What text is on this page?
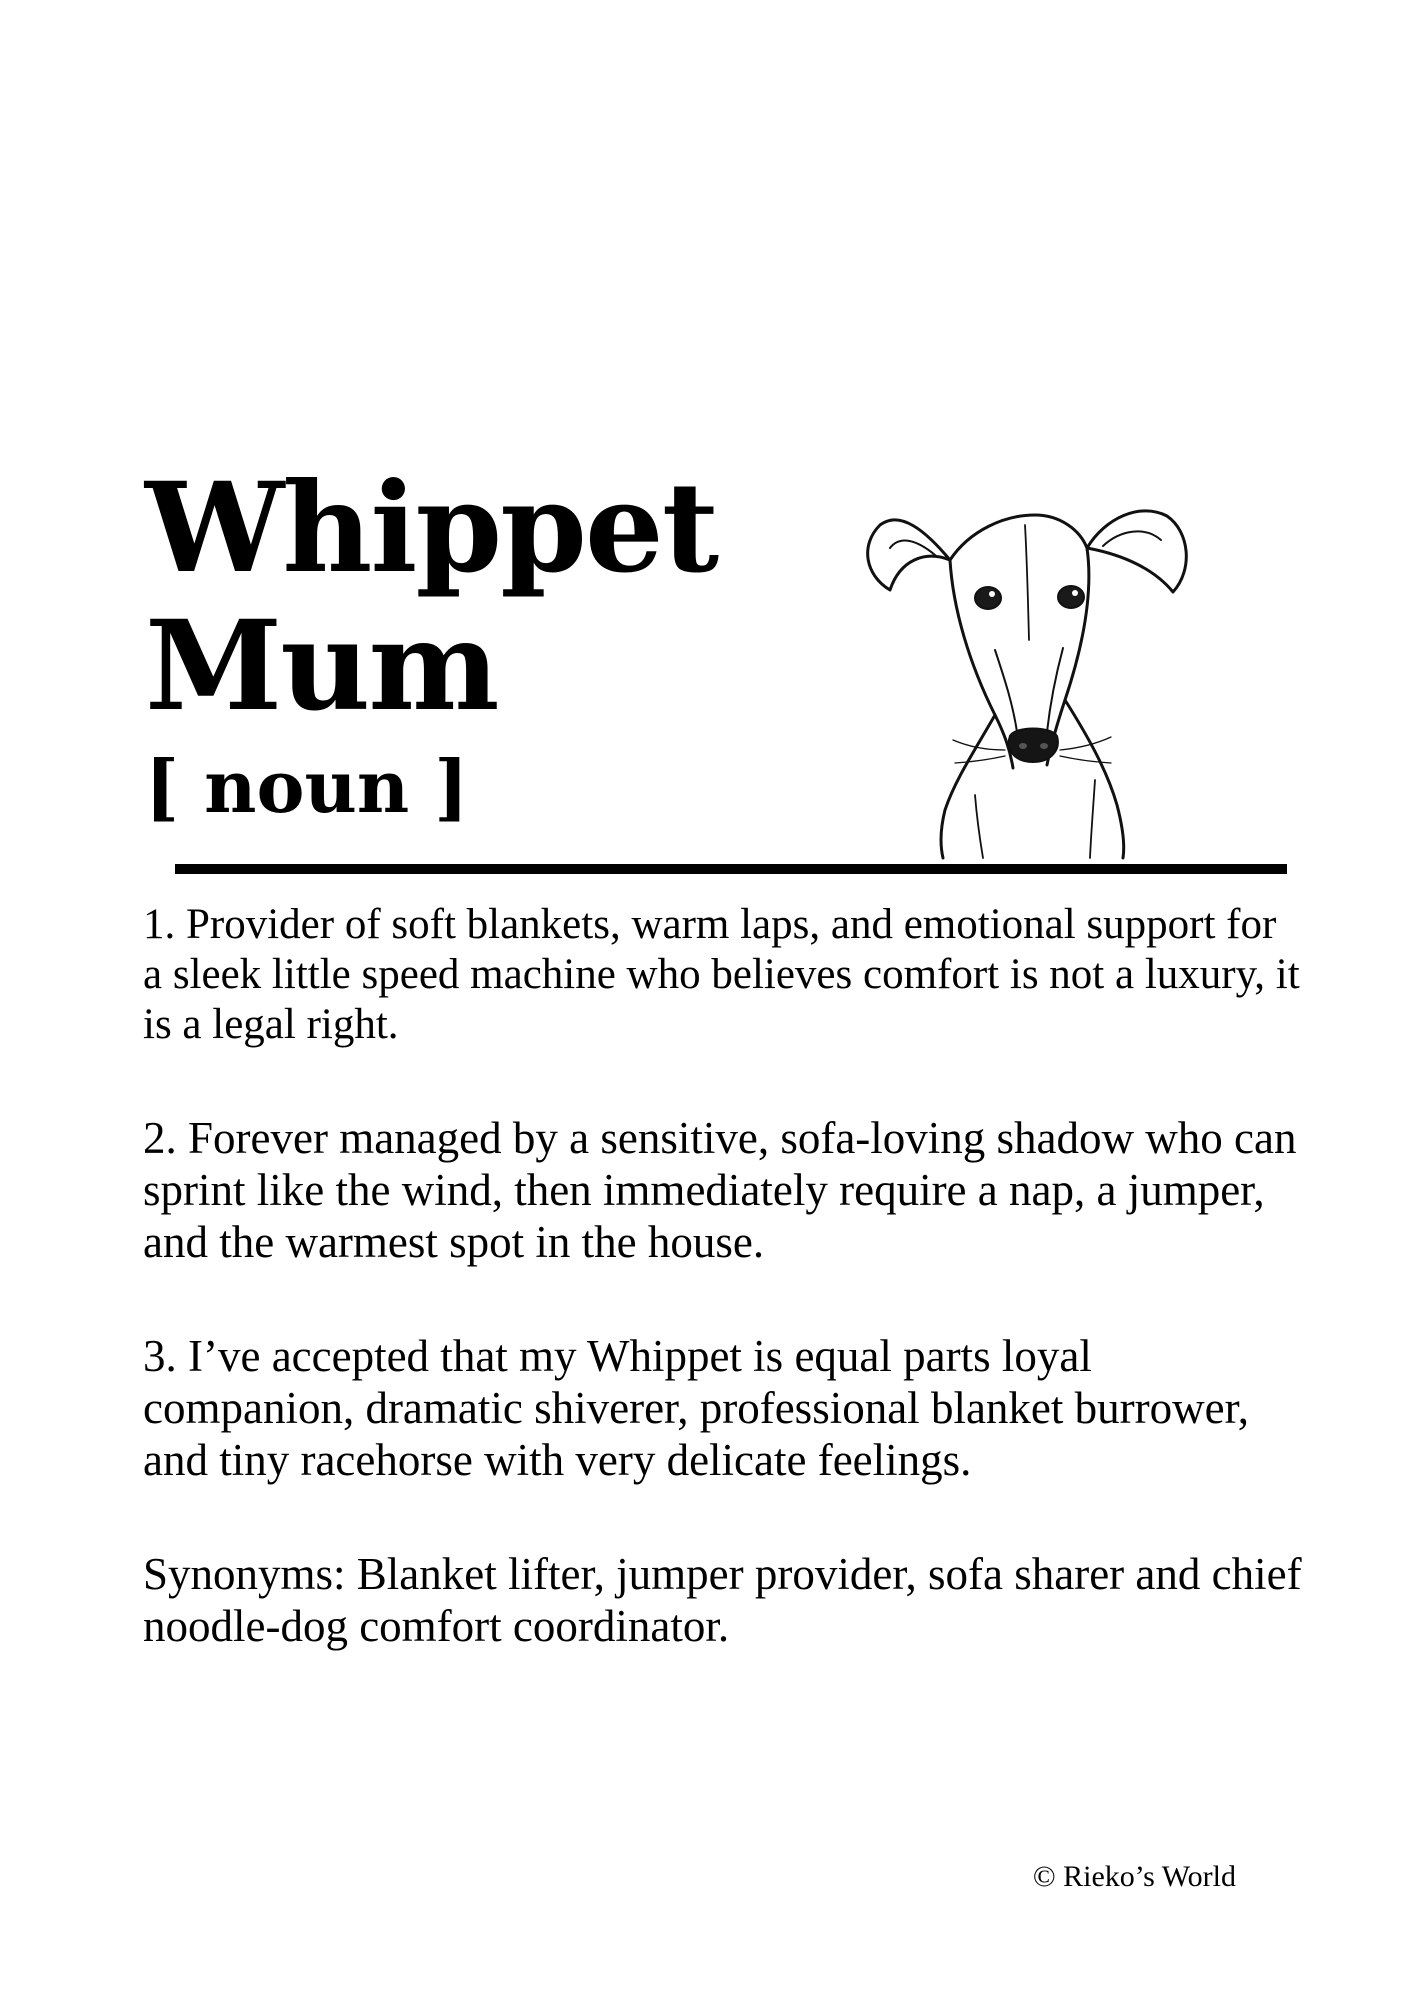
Whippet
Mum
[ noun ]

1. Provider of soft blankets, warm laps, and emotional support for a sleek little speed machine who believes comfort is not a luxury, it is a legal right.

2. Forever managed by a sensitive, sofa-loving shadow who can sprint like the wind, then immediately require a nap, a jumper, and the warmest spot in the house.

3. I’ve accepted that my Whippet is equal parts loyal companion, dramatic shiverer, professional blanket burrower, and tiny racehorse with very delicate feelings.

Synonyms: Blanket lifter, jumper provider, sofa sharer and chief noodle-dog comfort coordinator.

© Rieko’s World
